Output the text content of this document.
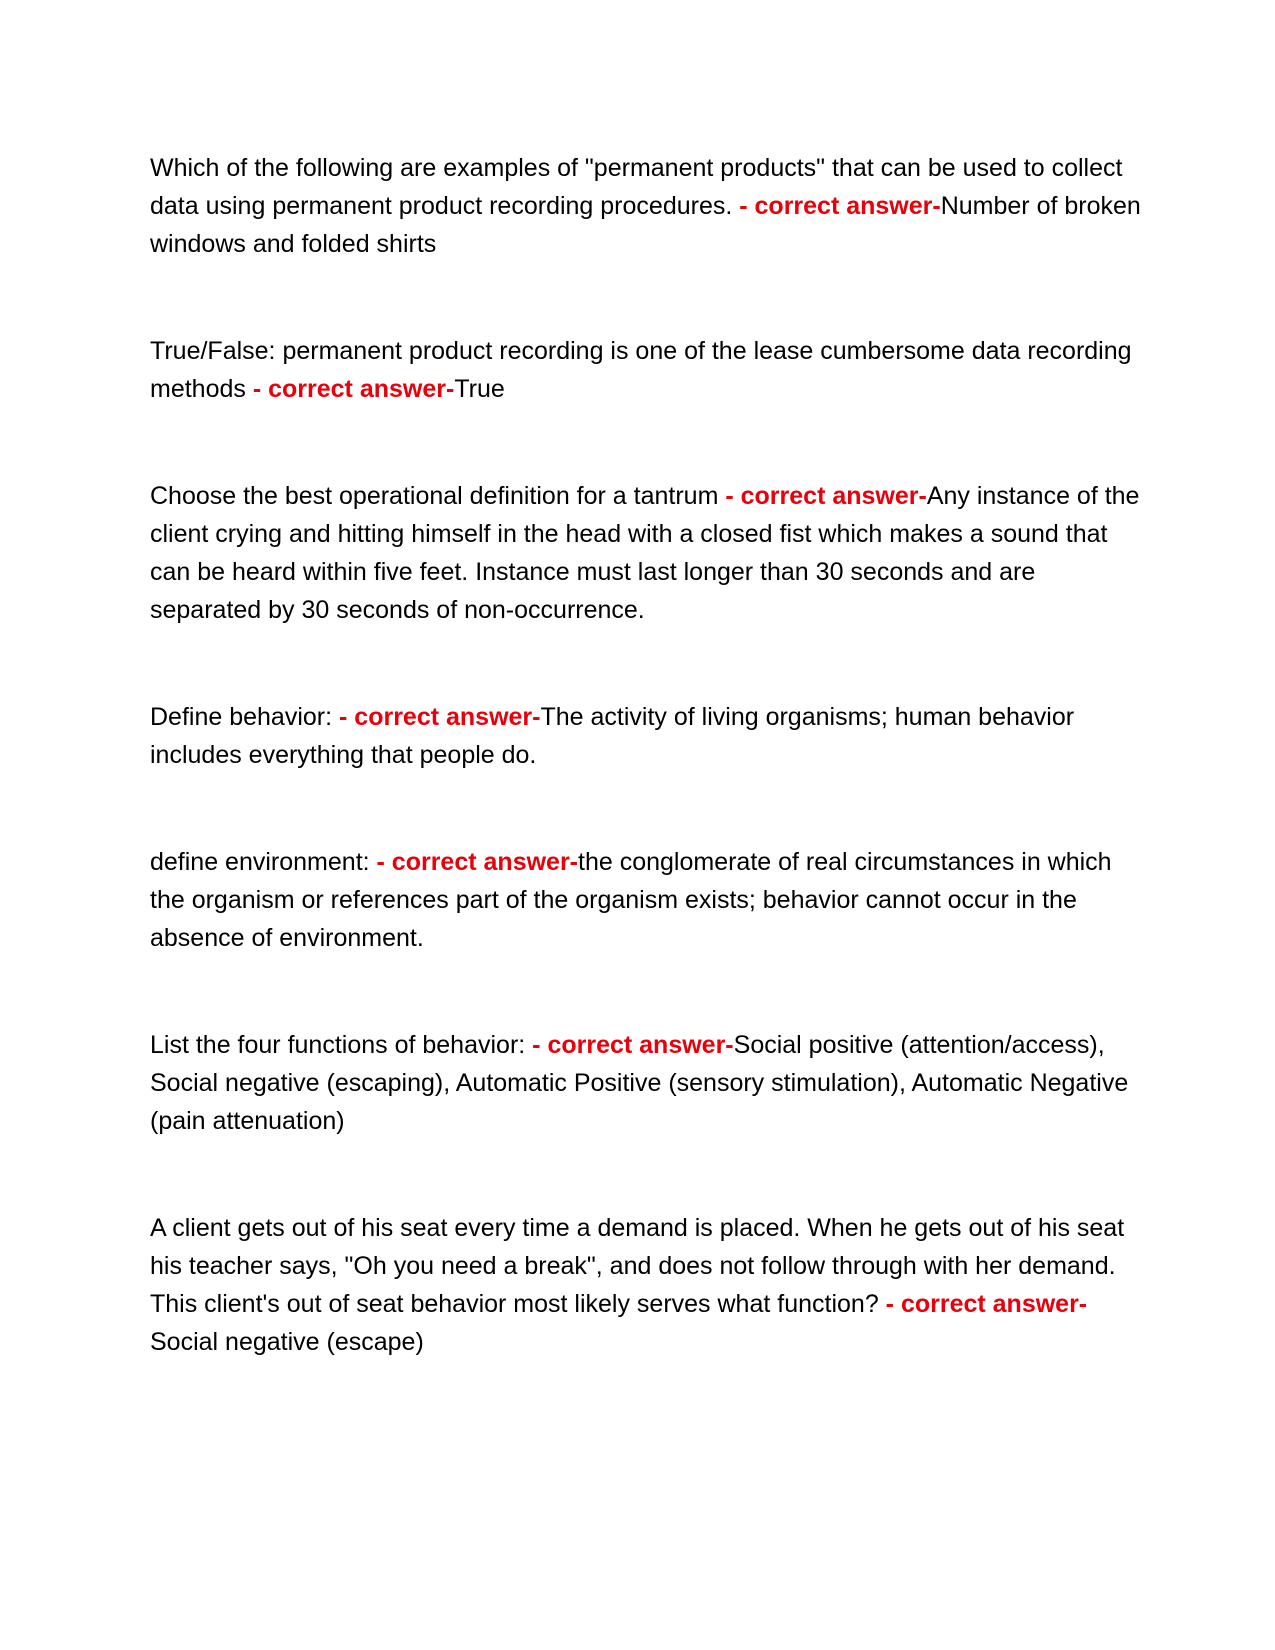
Which of the following are examples of "permanent products" that can be used to collect data using permanent product recording procedures. - correct answer-Number of broken windows and folded shirts

True/False: permanent product recording is one of the lease cumbersome data recording methods - correct answer-True

Choose the best operational definition for a tantrum - correct answer-Any instance of the client crying and hitting himself in the head with a closed fist which makes a sound that can be heard within five feet. Instance must last longer than 30 seconds and are separated by 30 seconds of non-occurrence.

Define behavior: - correct answer-The activity of living organisms; human behavior includes everything that people do.

define environment: - correct answer-the conglomerate of real circumstances in which the organism or references part of the organism exists; behavior cannot occur in the absence of environment.

List the four functions of behavior: - correct answer-Social positive (attention/access), Social negative (escaping), Automatic Positive (sensory stimulation), Automatic Negative (pain attenuation)

A client gets out of his seat every time a demand is placed. When he gets out of his seat his teacher says, "Oh you need a break", and does not follow through with her demand. This client's out of seat behavior most likely serves what function? - correct answer-Social negative (escape)
